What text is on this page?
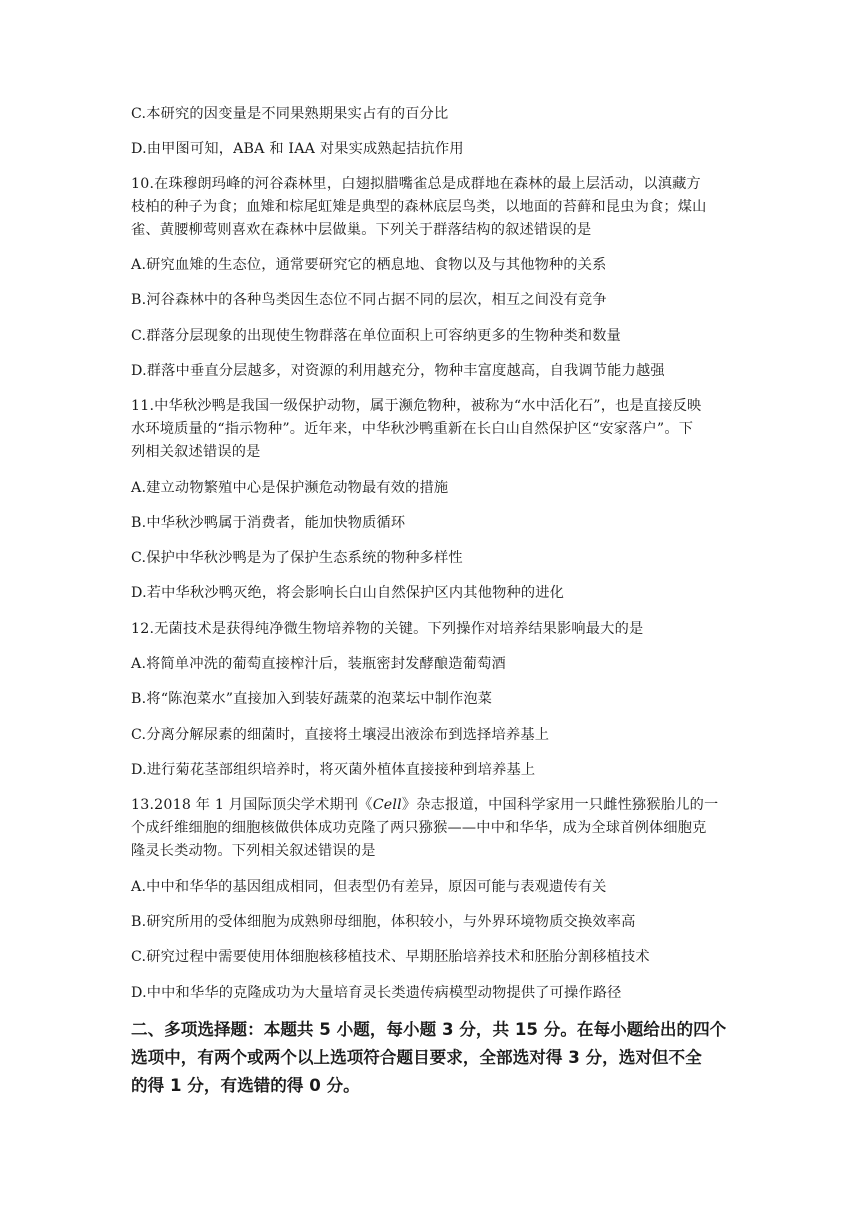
C.本研究的因变量是不同果熟期果实占有的百分比
D.由甲图可知，ABA 和 IAA 对果实成熟起拮抗作用
10.在珠穆朗玛峰的河谷森林里，白翅拟腊嘴雀总是成群地在森林的最上层活动，以滇藏方
枝柏的种子为食；血雉和棕尾虹雉是典型的森林底层鸟类，以地面的苔藓和昆虫为食；煤山
雀、黄腰柳莺则喜欢在森林中层做巢。下列关于群落结构的叙述错误的是
A.研究血雉的生态位，通常要研究它的栖息地、食物以及与其他物种的关系
B.河谷森林中的各种鸟类因生态位不同占据不同的层次，相互之间没有竞争
C.群落分层现象的出现使生物群落在单位面积上可容纳更多的生物种类和数量
D.群落中垂直分层越多，对资源的利用越充分，物种丰富度越高，自我调节能力越强
11.中华秋沙鸭是我国一级保护动物，属于濒危物种，被称为“水中活化石”，也是直接反映
水环境质量的“指示物种”。近年来，中华秋沙鸭重新在长白山自然保护区“安家落户”。下
列相关叙述错误的是
A.建立动物繁殖中心是保护濒危动物最有效的措施
B.中华秋沙鸭属于消费者，能加快物质循环
C.保护中华秋沙鸭是为了保护生态系统的物种多样性
D.若中华秋沙鸭灭绝，将会影响长白山自然保护区内其他物种的进化
12.无菌技术是获得纯净微生物培养物的关键。下列操作对培养结果影响最大的是
A.将简单冲洗的葡萄直接榨汁后，装瓶密封发酵酿造葡萄酒
B.将“陈泡菜水”直接加入到装好蔬菜的泡菜坛中制作泡菜
C.分离分解尿素的细菌时，直接将土壤浸出液涂布到选择培养基上
D.进行菊花茎部组织培养时，将灭菌外植体直接接种到培养基上
13.2018 年 1 月国际顶尖学术期刊《Cell》杂志报道，中国科学家用一只雌性猕猴胎儿的一
个成纤维细胞的细胞核做供体成功克隆了两只猕猴——中中和华华，成为全球首例体细胞克
隆灵长类动物。下列相关叙述错误的是
A.中中和华华的基因组成相同，但表型仍有差异，原因可能与表观遗传有关
B.研究所用的受体细胞为成熟卵母细胞，体积较小，与外界环境物质交换效率高
C.研究过程中需要使用体细胞核移植技术、早期胚胎培养技术和胚胎分割移植技术
D.中中和华华的克隆成功为大量培育灵长类遗传病模型动物提供了可操作路径
二、多项选择题：本题共 5 小题，每小题 3 分，共 15 分。在每小题给出的四个
选项中，有两个或两个以上选项符合题目要求，全部选对得 3 分，选对但不全
的得 1 分，有选错的得 0 分。
